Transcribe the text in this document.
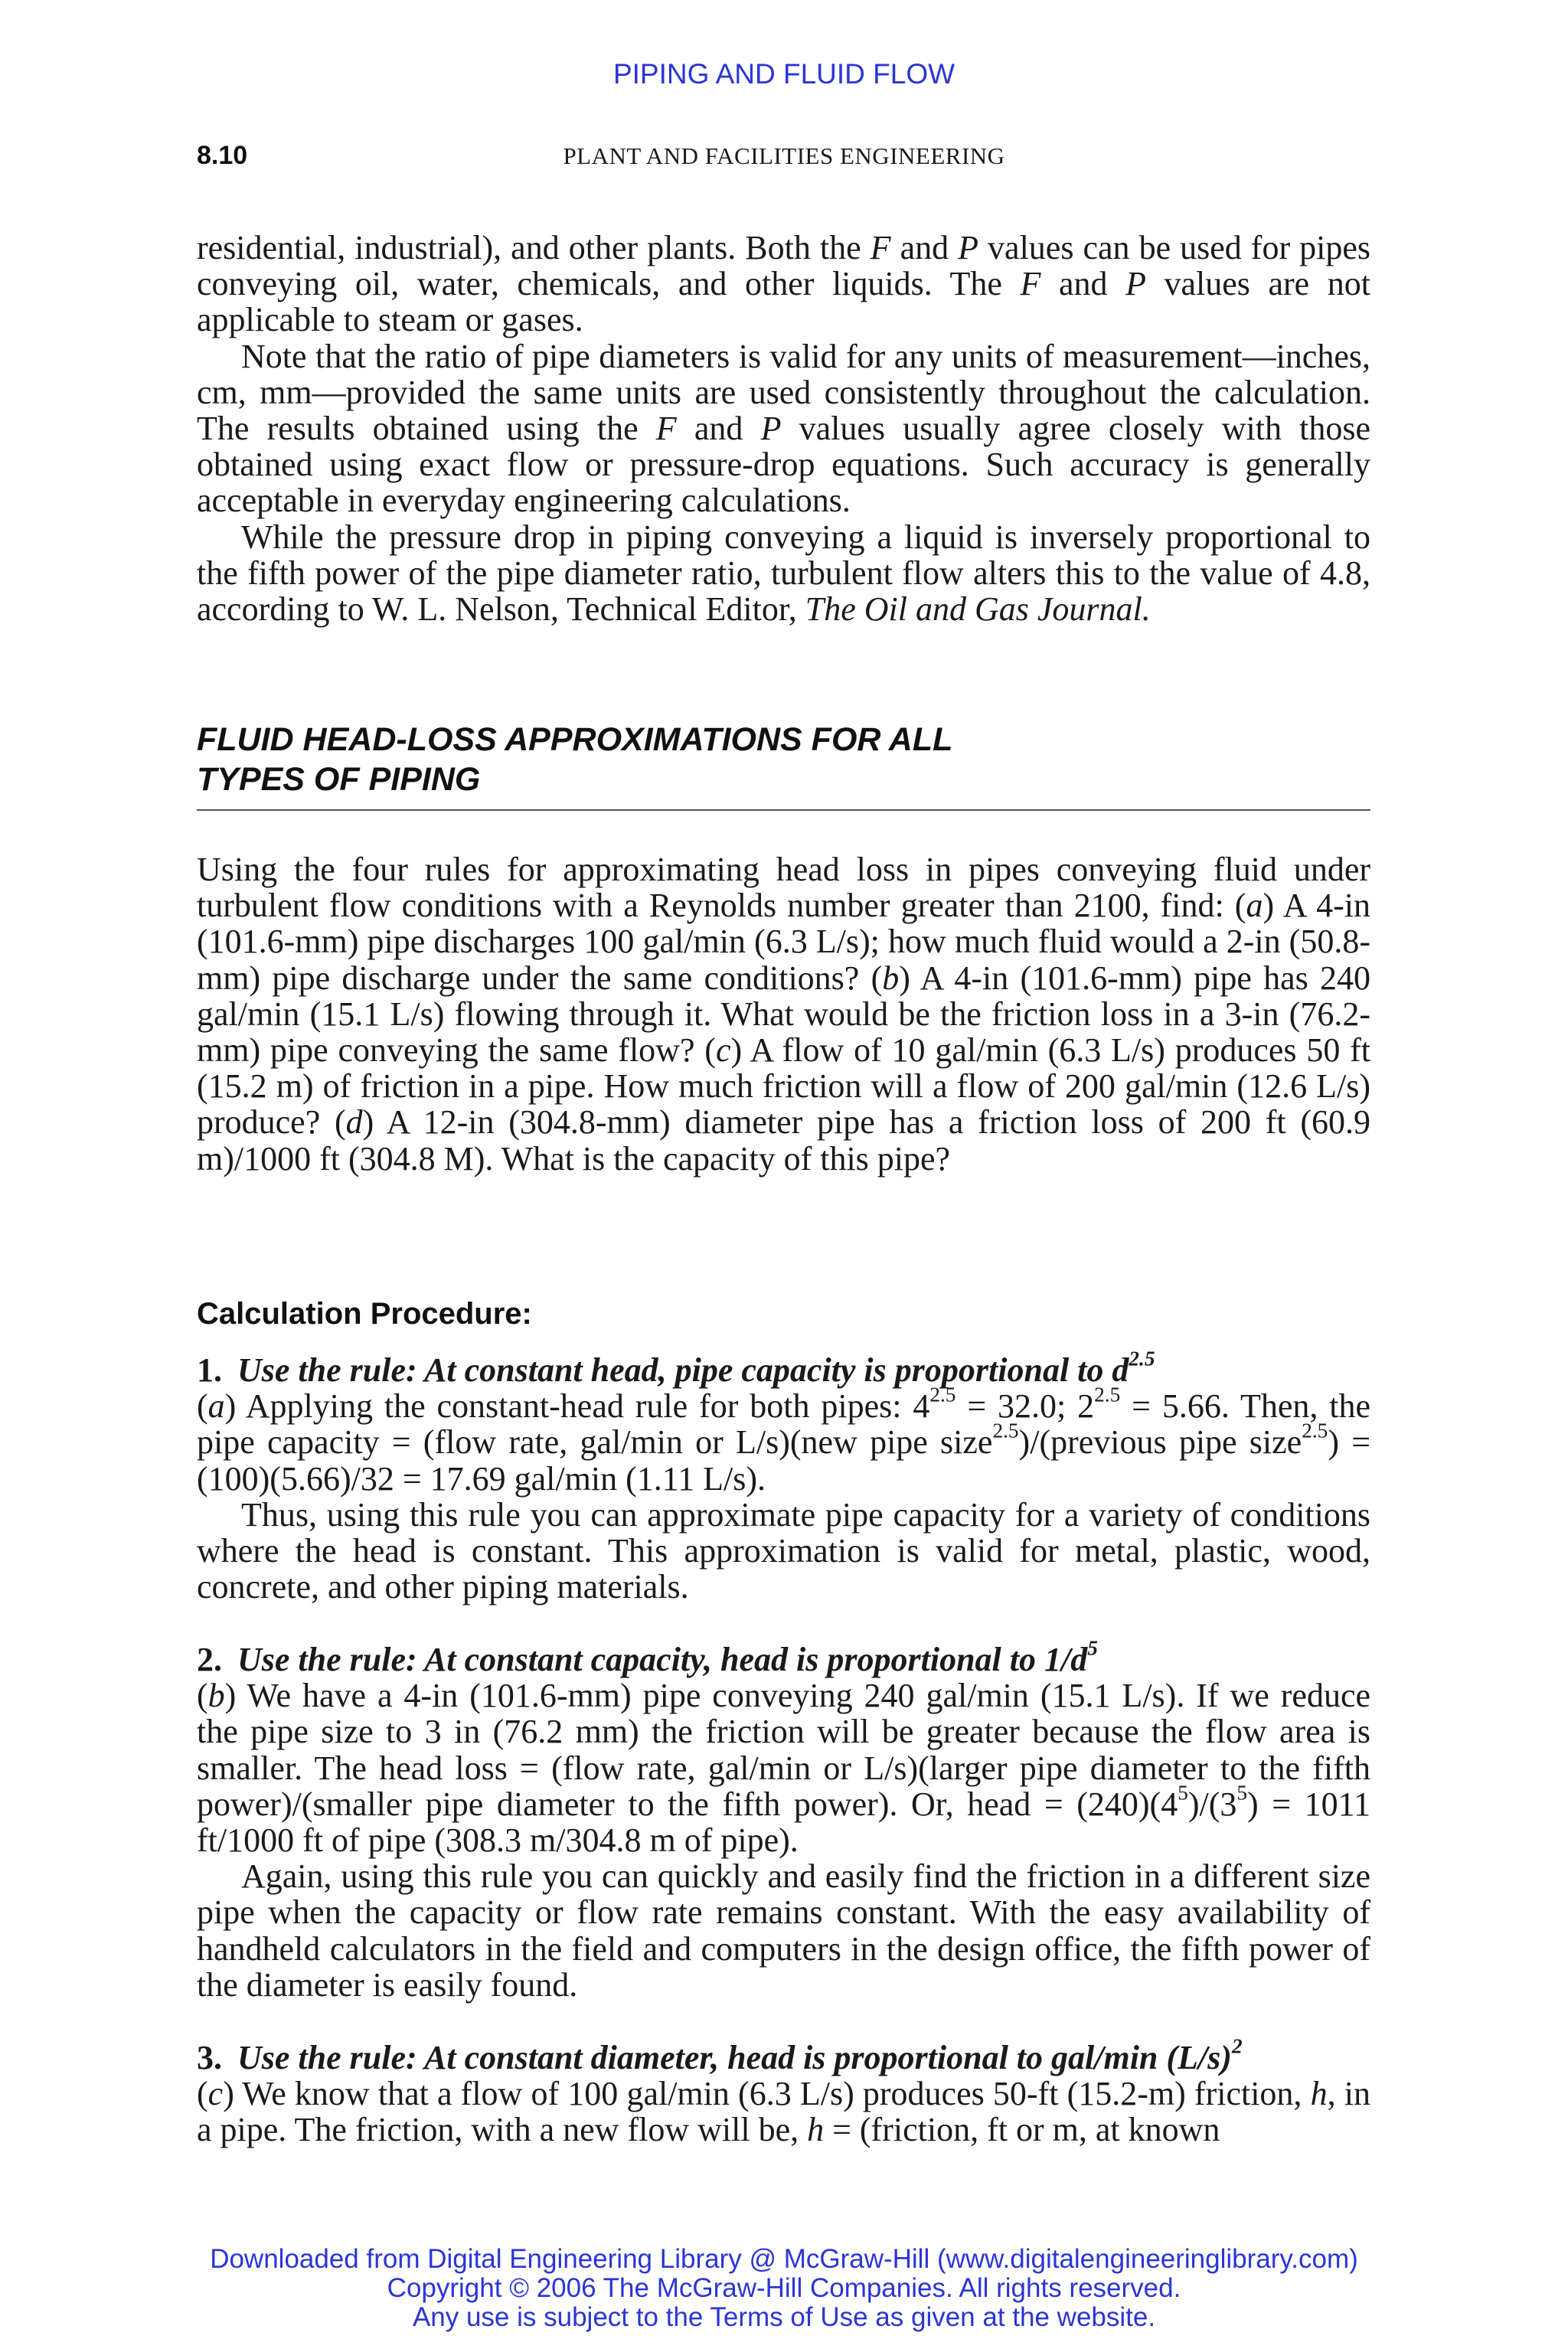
PIPING AND FLUID FLOW
8.10	PLANT AND FACILITIES ENGINEERING

residential, industrial), and other plants. Both the F and P values can be used for pipes conveying oil, water, chemicals, and other liquids. The F and P values are not applicable to steam or gases.

Note that the ratio of pipe diameters is valid for any units of measurement—inches, cm, mm—provided the same units are used consistently throughout the calculation. The results obtained using the F and P values usually agree closely with those obtained using exact flow or pressure-drop equations. Such accuracy is generally acceptable in everyday engineering calculations.

While the pressure drop in piping conveying a liquid is inversely proportional to the fifth power of the pipe diameter ratio, turbulent flow alters this to the value of 4.8, according to W. L. Nelson, Technical Editor, The Oil and Gas Journal.

FLUID HEAD-LOSS APPROXIMATIONS FOR ALL
TYPES OF PIPING

Using the four rules for approximating head loss in pipes conveying fluid under turbulent flow conditions with a Reynolds number greater than 2100, find: (a) A 4-in (101.6-mm) pipe discharges 100 gal/min (6.3 L/s); how much fluid would a 2-in (50.8-mm) pipe discharge under the same conditions? (b) A 4-in (101.6-mm) pipe has 240 gal/min (15.1 L/s) flowing through it. What would be the friction loss in a 3-in (76.2-mm) pipe conveying the same flow? (c) A flow of 10 gal/min (6.3 L/s) produces 50 ft (15.2 m) of friction in a pipe. How much friction will a flow of 200 gal/min (12.6 L/s) produce? (d) A 12-in (304.8-mm) diameter pipe has a friction loss of 200 ft (60.9 m)/1000 ft (304.8 M). What is the capacity of this pipe?

Calculation Procedure:

1. Use the rule: At constant head, pipe capacity is proportional to $d^{2.5}$

(a) Applying the constant-head rule for both pipes: $4^{2.5} = 32.0$; $2^{2.5} = 5.66$. Then, the pipe capacity = (flow rate, gal/min or L/s)(new pipe size$^{2.5}$)/(previous pipe size$^{2.5}$) = (100)(5.66)/32 = 17.69 gal/min (1.11 L/s).

Thus, using this rule you can approximate pipe capacity for a variety of conditions where the head is constant. This approximation is valid for metal, plastic, wood, concrete, and other piping materials.

2. Use the rule: At constant capacity, head is proportional to $1/d^5$

(b) We have a 4-in (101.6-mm) pipe conveying 240 gal/min (15.1 L/s). If we reduce the pipe size to 3 in (76.2 mm) the friction will be greater because the flow area is smaller. The head loss = (flow rate, gal/min or L/s)(larger pipe diameter to the fifth power)/(smaller pipe diameter to the fifth power). Or, head = $(240)(4^5)/(3^5) = 1011$ ft/1000 ft of pipe (308.3 m/304.8 m of pipe).

Again, using this rule you can quickly and easily find the friction in a different size pipe when the capacity or flow rate remains constant. With the easy availability of handheld calculators in the field and computers in the design office, the fifth power of the diameter is easily found.

3. Use the rule: At constant diameter, head is proportional to gal/min $(L/s)^2$

(c) We know that a flow of 100 gal/min (6.3 L/s) produces 50-ft (15.2-m) friction, h, in a pipe. The friction, with a new flow will be, h = (friction, ft or m, at known

Downloaded from Digital Engineering Library @ McGraw-Hill (www.digitalengineeringlibrary.com)
Copyright © 2006 The McGraw-Hill Companies. All rights reserved.
Any use is subject to the Terms of Use as given at the website.
